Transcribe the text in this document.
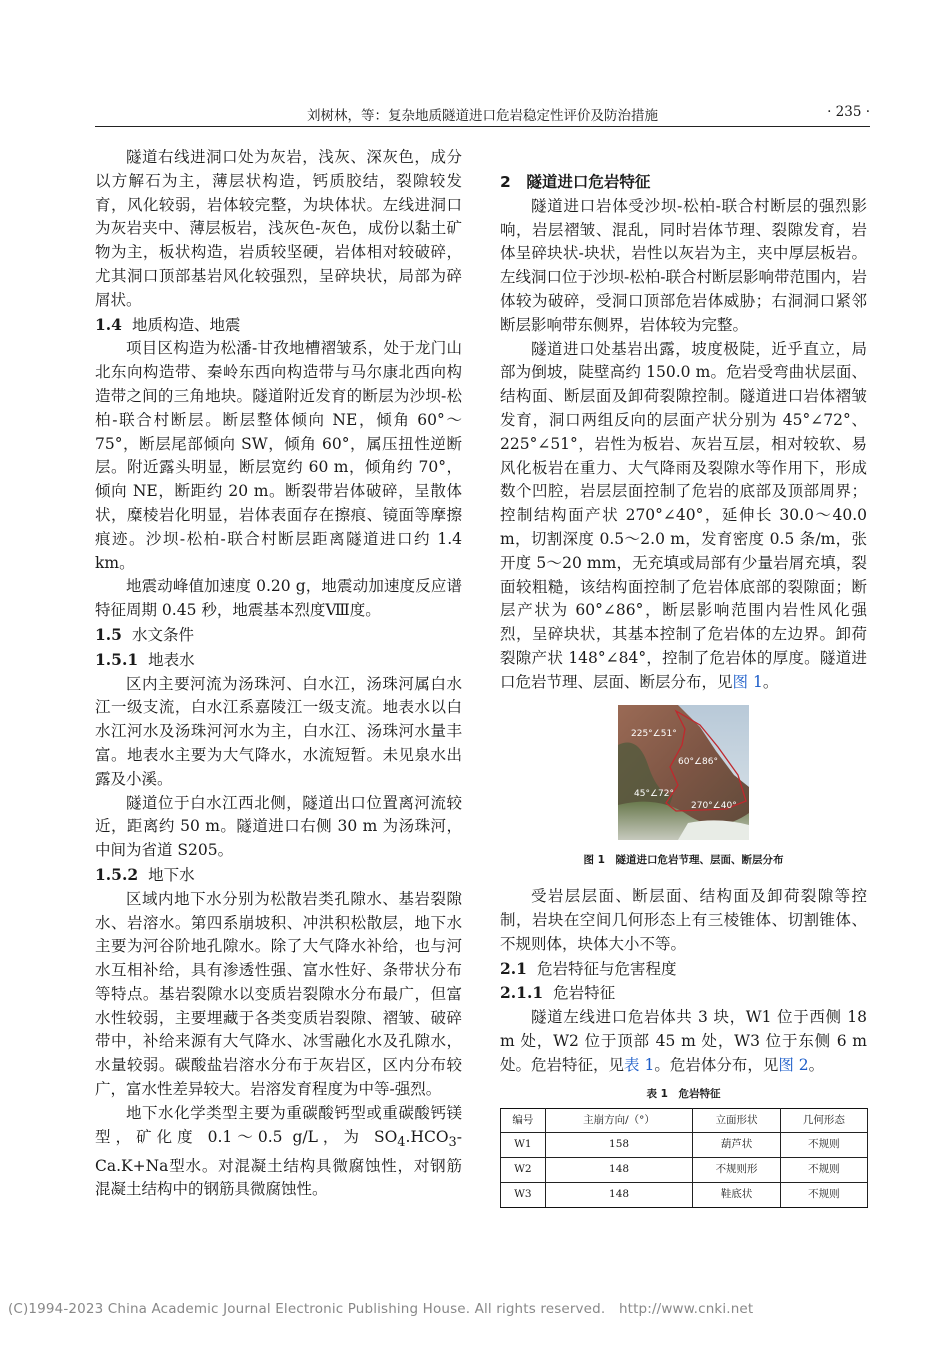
刘树林，等：复杂地质隧道进口危岩稳定性评价及防治措施	· 235 ·

隧道右线进洞口处为灰岩，浅灰、深灰色，成分以方解石为主，薄层状构造，钙质胶结，裂隙较发育，风化较弱，岩体较完整，为块体状。左线进洞口为灰岩夹中、薄层板岩，浅灰色-灰色，成份以黏土矿物为主，板状构造，岩质较坚硬，岩体相对较破碎，尤其洞口顶部基岩风化较强烈，呈碎块状，局部为碎屑状。

1.4 地质构造、地震

项目区构造为松潘-甘孜地槽褶皱系，处于龙门山北东向构造带、秦岭东西向构造带与马尔康北西向构造带之间的三角地块。隧道附近发育的断层为沙坝-松柏-联合村断层。断层整体倾向 NE，倾角 60°～75°，断层尾部倾向 SW，倾角 60°，属压扭性逆断层。附近露头明显，断层宽约 60 m，倾角约 70°，倾向 NE，断距约 20 m。断裂带岩体破碎，呈散体状，糜棱岩化明显，岩体表面存在擦痕、镜面等摩擦痕迹。沙坝-松柏-联合村断层距离隧道进口约 1.4 km。

地震动峰值加速度 0.20 g，地震动加速度反应谱特征周期 0.45 秒，地震基本烈度Ⅷ度。

1.5 水文条件
1.5.1 地表水

区内主要河流为汤珠河、白水江，汤珠河属白水江一级支流，白水江系嘉陵江一级支流。地表水以白水江河水及汤珠河河水为主，白水江、汤珠河水量丰富。地表水主要为大气降水，水流短暂。未见泉水出露及小溪。

隧道位于白水江西北侧，隧道出口位置离河流较近，距离约 50 m。隧道进口右侧 30 m 为汤珠河，中间为省道 S205。

1.5.2 地下水

区域内地下水分别为松散岩类孔隙水、基岩裂隙水、岩溶水。第四系崩坡积、冲洪积松散层，地下水主要为河谷阶地孔隙水。除了大气降水补给，也与河水互相补给，具有渗透性强、富水性好、条带状分布等特点。基岩裂隙水以变质岩裂隙水分布最广，但富水性较弱，主要埋藏于各类变质岩裂隙、褶皱、破碎带中，补给来源有大气降水、冰雪融化水及孔隙水，水量较弱。碳酸盐岩溶水分布于灰岩区，区内分布较广，富水性差异较大。岩溶发育程度为中等-强烈。

地下水化学类型主要为重碳酸钙型或重碳酸钙镁型，矿化度 0.1～0.5 g/L，为 $SO_4.HCO_3-Ca.K+Na$型水。对混凝土结构具微腐蚀性，对钢筋混凝土结构中的钢筋具微腐蚀性。

2　 隧道进口危岩特征

隧道进口岩体受沙坝-松柏-联合村断层的强烈影响，岩层褶皱、混乱，同时岩体节理、裂隙发育，岩体呈碎块状-块状，岩性以灰岩为主，夹中厚层板岩。左线洞口位于沙坝-松柏-联合村断层影响带范围内，岩体较为破碎，受洞口顶部危岩体威胁；右洞洞口紧邻断层影响带东侧界，岩体较为完整。

隧道进口处基岩出露，坡度极陡，近乎直立，局部为倒坡，陡壁高约 150.0 m。危岩受弯曲状层面、结构面、断层面及卸荷裂隙控制。隧道进口岩体褶皱发育，洞口两组反向的层面产状分别为 45°∠72°、225°∠51°，岩性为板岩、灰岩互层，相对较软、易风化板岩在重力、大气降雨及裂隙水等作用下，形成数个凹腔，岩层层面控制了危岩的底部及顶部周界；控制结构面产状 270°∠40°，延伸长 30.0～40.0 m，切割深度 0.5～2.0 m，发育密度 0.5 条/m，张开度 5～20 mm，无充填或局部有少量岩屑充填，裂面较粗糙，该结构面控制了危岩体底部的裂隙面；断层产状为 60°∠86°，断层影响范围内岩性风化强烈，呈碎块状，其基本控制了危岩体的左边界。卸荷裂隙产状 148°∠84°，控制了危岩体的厚度。隧道进口危岩节理、层面、断层分布，见图 1。

225°∠51°
60°∠86°
45°∠72°
270°∠40°
图 1　隧道进口危岩节理、层面、断层分布

受岩层层面、断层面、结构面及卸荷裂隙等控制，岩块在空间几何形态上有三棱锥体、切割锥体、不规则体，块体大小不等。

2.1 危岩特征与危害程度
2.1.1 危岩特征

隧道左线进口危岩体共 3 块，W1 位于西侧 18 m 处，W2 位于顶部 45 m 处，W3 位于东侧 6 m 处。危岩特征，见表 1。危岩体分布，见图 2。

表 1　危岩特征
编号	主崩方向/（°）	立面形状	几何形态
W1	158	葫芦状	不规则
W2	148	不规则形	不规则
W3	148	鞋底状	不规则
(C)1994-2023 China Academic Journal Electronic Publishing House. All rights reserved.　http://www.cnki.net
